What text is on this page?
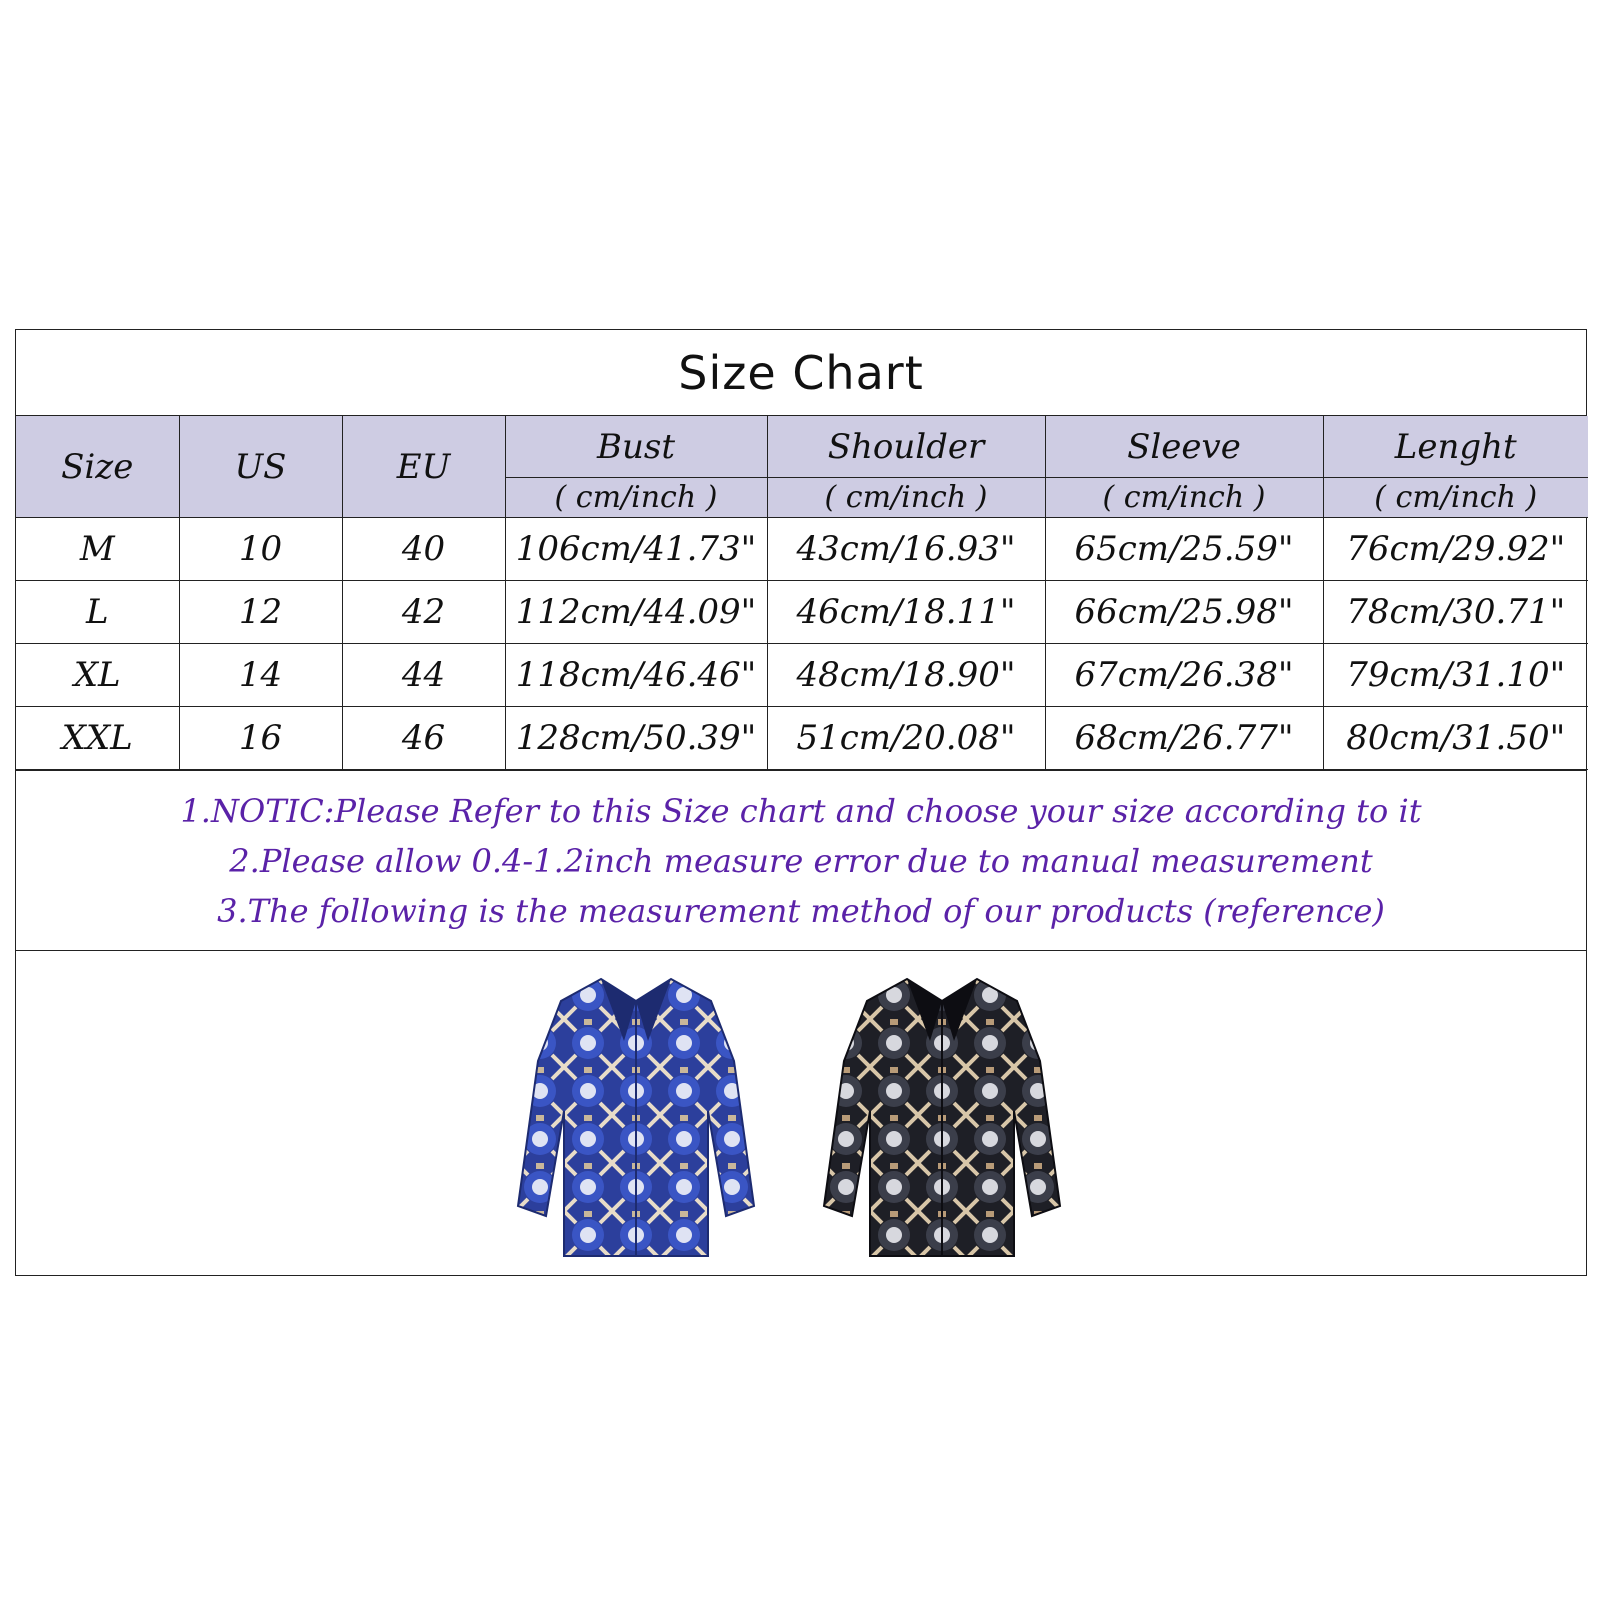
Size Chart
Size	US	EU	Bust	Shoulder	Sleeve	Lenght
			( cm/inch )	( cm/inch )	( cm/inch )	( cm/inch )
M	10	40	106cm/41.73"	43cm/16.93"	65cm/25.59"	76cm/29.92"
L	12	42	112cm/44.09"	46cm/18.11"	66cm/25.98"	78cm/30.71"
XL	14	44	118cm/46.46"	48cm/18.90"	67cm/26.38"	79cm/31.10"
XXL	16	46	128cm/50.39"	51cm/20.08"	68cm/26.77"	80cm/31.50"
1.NOTIC:Please Refer to this Size chart and choose your size according to it
2.Please allow 0.4-1.2inch measure error due to manual measurement
3.The following is the measurement method of our products (reference)
